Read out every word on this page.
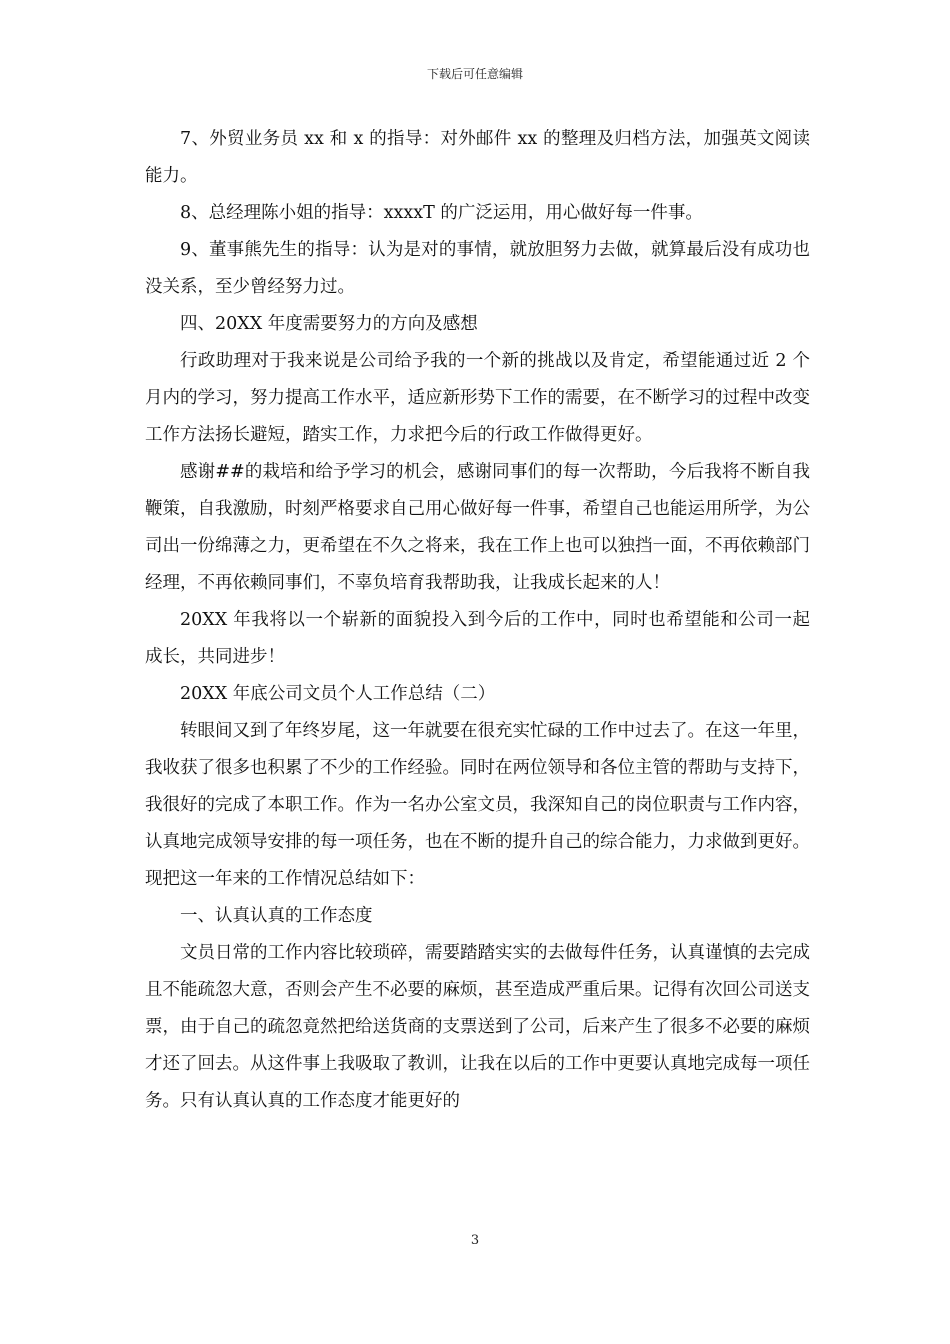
下载后可任意编辑

7、外贸业务员 xx 和 x 的指导：对外邮件 xx 的整理及归档方法，加强英文阅读能力。

8、总经理陈小姐的指导：xxxxT 的广泛运用，用心做好每一件事。

9、董事熊先生的指导：认为是对的事情，就放胆努力去做，就算最后没有成功也没关系，至少曾经努力过。

四、20XX 年度需要努力的方向及感想

行政助理对于我来说是公司给予我的一个新的挑战以及肯定，希望能通过近 2 个月内的学习，努力提高工作水平，适应新形势下工作的需要，在不断学习的过程中改变工作方法扬长避短，踏实工作，力求把今后的行政工作做得更好。

感谢##的栽培和给予学习的机会，感谢同事们的每一次帮助，今后我将不断自我鞭策，自我激励，时刻严格要求自己用心做好每一件事，希望自己也能运用所学，为公司出一份绵薄之力，更希望在不久之将来，我在工作上也可以独挡一面，不再依赖部门经理，不再依赖同事们，不辜负培育我帮助我，让我成长起来的人！

20XX 年我将以一个崭新的面貌投入到今后的工作中，同时也希望能和公司一起成长，共同进步！

20XX 年底公司文员个人工作总结（二）

转眼间又到了年终岁尾，这一年就要在很充实忙碌的工作中过去了。在这一年里，我收获了很多也积累了不少的工作经验。同时在两位领导和各位主管的帮助与支持下，我很好的完成了本职工作。作为一名办公室文员，我深知自己的岗位职责与工作内容，认真地完成领导安排的每一项任务，也在不断的提升自己的综合能力，力求做到更好。现把这一年来的工作情况总结如下：

一、认真认真的工作态度

文员日常的工作内容比较琐碎，需要踏踏实实的去做每件任务，认真谨慎的去完成且不能疏忽大意，否则会产生不必要的麻烦，甚至造成严重后果。记得有次回公司送支票，由于自己的疏忽竟然把给送货商的支票送到了公司，后来产生了很多不必要的麻烦才还了回去。从这件事上我吸取了教训，让我在以后的工作中更要认真地完成每一项任务。只有认真认真的工作态度才能更好的

3
